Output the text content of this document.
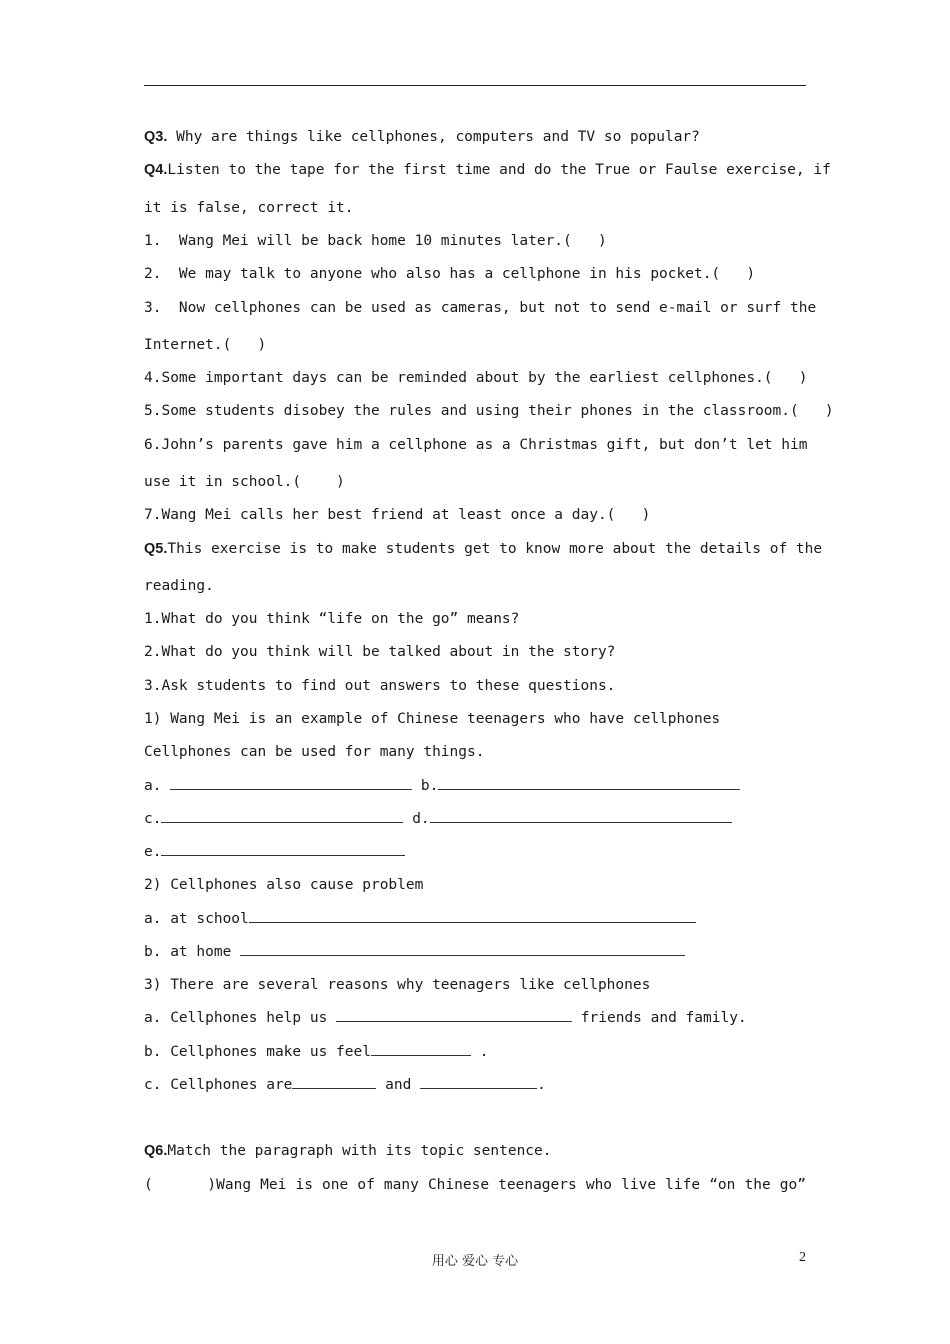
Q3. Why are things like cellphones, computers and TV so popular?
Q4.Listen to the tape for the first time and do the True or Faulse exercise, if
it is false, correct it.
1.  Wang Mei will be back home 10 minutes later.(   )
2.  We may talk to anyone who also has a cellphone in his pocket.(   )
3.  Now cellphones can be used as cameras, but not to send e-mail or surf the
Internet.(   )
4.Some important days can be reminded about by the earliest cellphones.(   )
5.Some students disobey the rules and using their phones in the classroom.(   )
6.John’s parents gave him a cellphone as a Christmas gift, but don’t let him
use it in school.(    )
7.Wang Mei calls her best friend at least once a day.(   )
Q5.This exercise is to make students get to know more about the details of the
reading.
1.What do you think “life on the go” means?
2.What do you think will be talked about in the story?
3.Ask students to find out answers to these questions.
1) Wang Mei is an example of Chinese teenagers who have cellphones
Cellphones can be used for many things.
a.	b.
c.	d.
e.
2) Cellphones also cause problem
a. at school
b. at home
3) There are several reasons why teenagers like cellphones
a. Cellphones help us	friends and family.
b. Cellphones make us feel	.
c. Cellphones are	and	.
Q6.Match the paragraph with its topic sentence.
(      )Wang Mei is one of many Chinese teenagers who live life “on the go”
用心 爱心 专心	2
